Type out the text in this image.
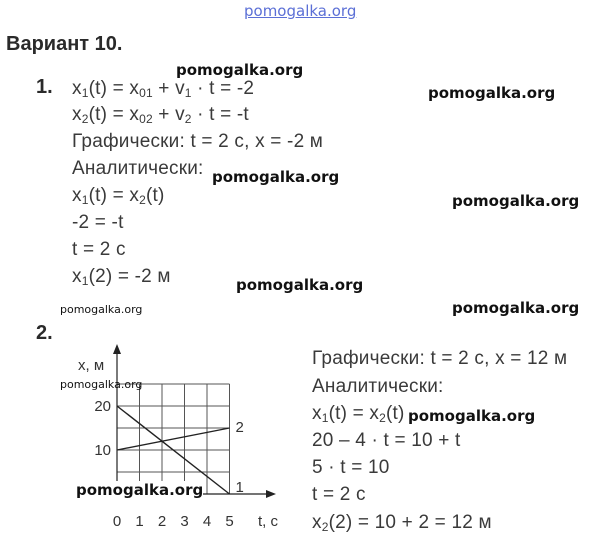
pomogalka.org
Вариант 10.
1. $x_1(t) = x_{01} + v_1 \cdot t = -2$
$x_2(t) = x_{02} + v_2 \cdot t = -t$
Графически: t = 2 с, х = -2 м
Аналитически:
$x_1(t) = x_2(t)$
-2 = -t
t = 2 с
$x_1(2) = -2$ м
2.
1
2
0 1 2 3 4 5 t, с
10
20
х, м	Графически: t = 2 с, х = 12 м
Аналитически:
$x_1(t) = x_2(t)$
20 – 4 · t = 10 + t
5 · t = 10
t = 2 с
$x_2(2) = 10 + 2 = 12$ м
pomogalka.org
pomogalka.org
pomogalka.org
pomogalka.org
pomogalka.org
pomogalka.org	pomogalka.org
pomogalka.org
pomogalka.org
pomogalka.org
